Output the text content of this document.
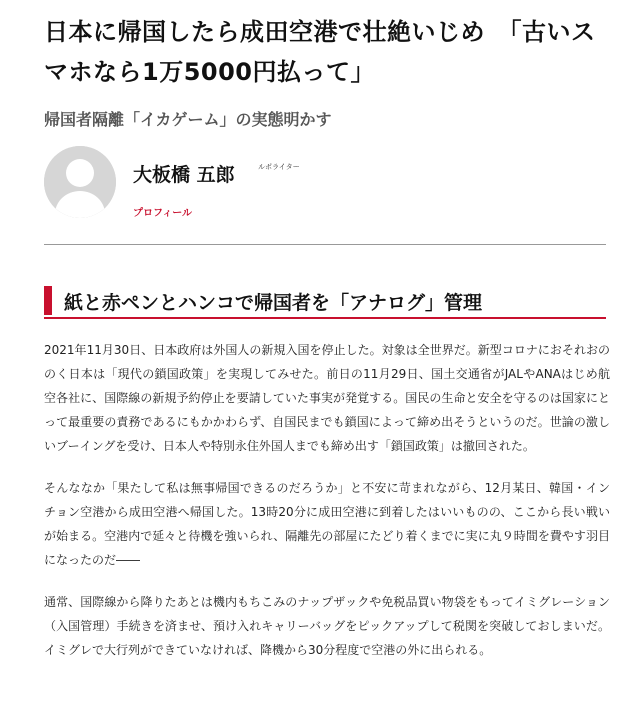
日本に帰国したら成田空港で壮絶いじめ　「古いスマホなら1万5000円払って」
帰国者隔離「イカゲーム」の実態明かす
大板橋 五郎	ルポライター
プロフィール
紙と赤ペンとハンコで帰国者を「アナログ」管理

2021年11月30日、日本政府は外国人の新規入国を停止した。対象は全世界だ。新型コロナにおそれおののく日本は「現代の鎖国政策」を実現してみせた。前日の11月29日、国土交通省がJALやANAはじめ航空各社に、国際線の新規予約停止を要請していた事実が発覚する。国民の生命と安全を守るのは国家にとって最重要の責務であるにもかかわらず、自国民までも鎖国によって締め出そうというのだ。世論の激しいブーイングを受け、日本人や特別永住外国人までも締め出す「鎖国政策」は撤回された。

そんななか「果たして私は無事帰国できるのだろうか」と不安に苛まれながら、12月某日、韓国・インチョン空港から成田空港へ帰国した。13時20分に成田空港に到着したはいいものの、ここから長い戦いが始まる。空港内で延々と待機を強いられ、隔離先の部屋にたどり着くまでに実に丸９時間を費やす羽目になったのだ――

通常、国際線から降りたあとは機内もちこみのナップザックや免税品買い物袋をもってイミグレーション（入国管理）手続きを済ませ、預け入れキャリーバッグをピックアップして税関を突破しておしまいだ。イミグレで大行列ができていなければ、降機から30分程度で空港の外に出られる。
